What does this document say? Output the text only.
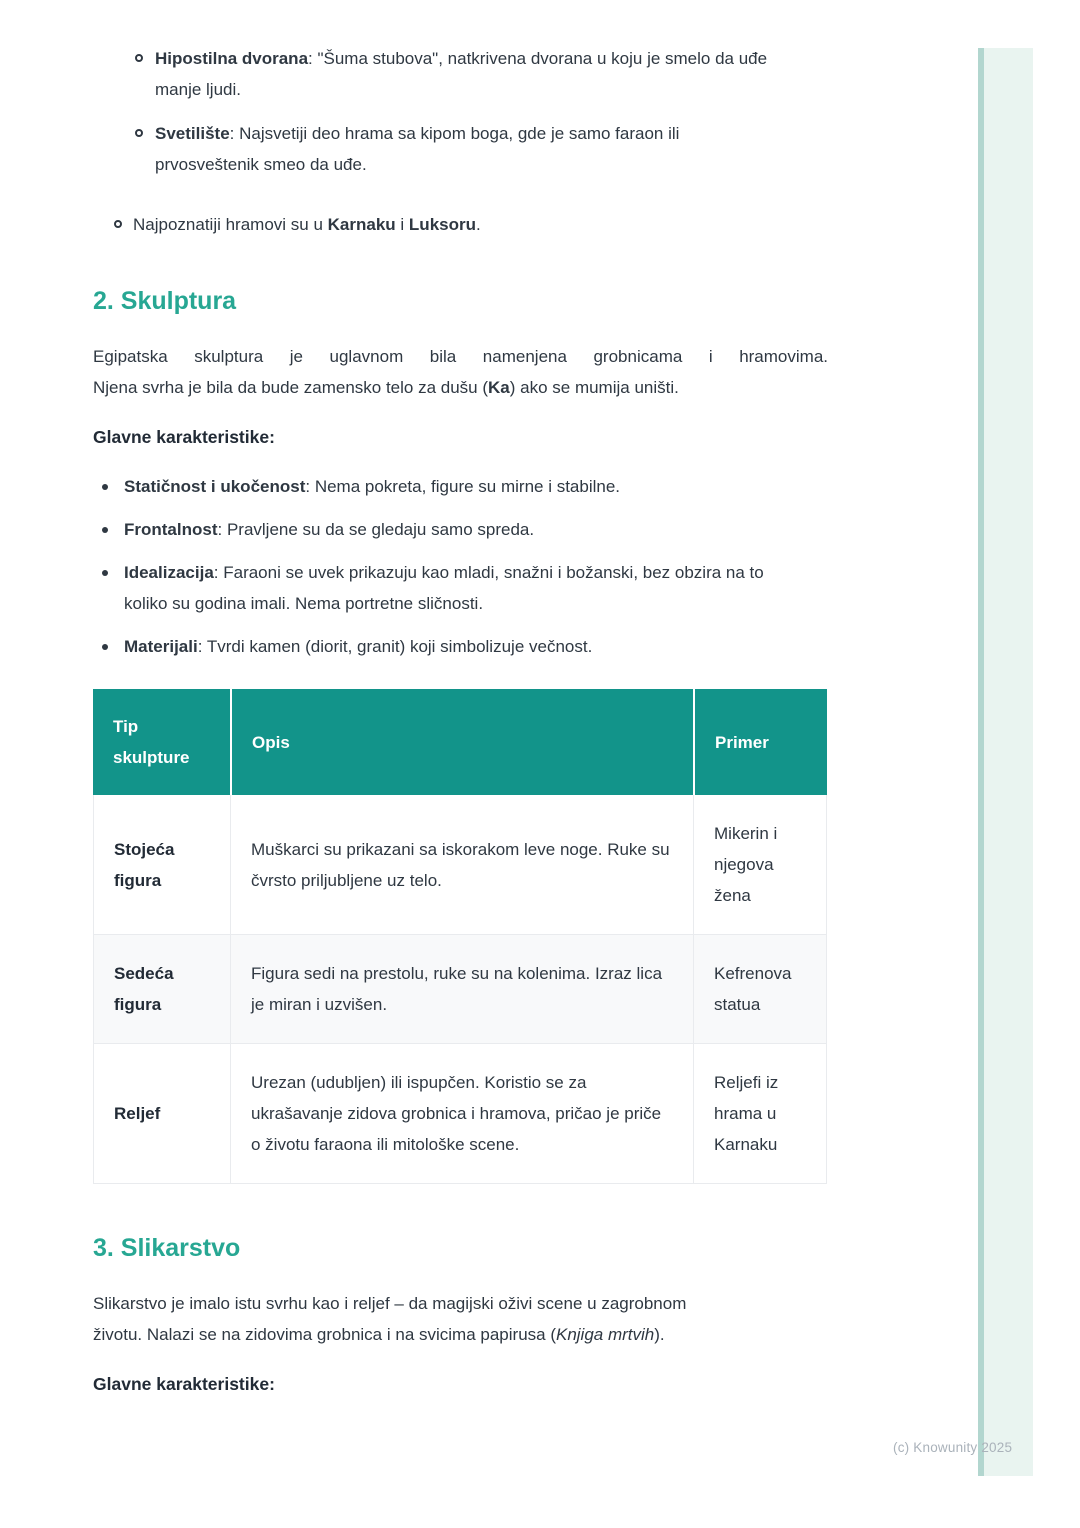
Hipostilna dvorana: "Šuma stubova", natkrivena dvorana u koju je smelo da uđe manje ljudi.
Svetilište: Najsvetiji deo hrama sa kipom boga, gde je samo faraon ili prvosveštenik smeo da uđe.
Najpoznatiji hramovi su u Karnaku i Luksoru.
2. Skulptura
Egipatska skulptura je uglavnom bila namenjena grobnicama i hramovima.
Njena svrha je bila da bude zamensko telo za dušu (Ka) ako se mumija uništi.
Glavne karakteristike:
Statičnost i ukočenost: Nema pokreta, figure su mirne i stabilne.
Frontalnost: Pravljene su da se gledaju samo spreda.
Idealizacija: Faraoni se uvek prikazuju kao mladi, snažni i božanski, bez obzira na to koliko su godina imali. Nema portretne sličnosti.
Materijali: Tvrdi kamen (diorit, granit) koji simbolizuje večnost.
Tip skulpture	Opis	Primer
Stojeća figura	Muškarci su prikazani sa iskorakom leve noge. Ruke su čvrsto priljubljene uz telo.	Mikerin i njegova žena
Sedeća figura	Figura sedi na prestolu, ruke su na kolenima. Izraz lica je miran i uzvišen.	Kefrenova statua
Reljef	Urezan (udubljen) ili ispupčen. Koristio se za ukrašavanje zidova grobnica i hramova, pričao je priče o životu faraona ili mitološke scene.	Reljefi iz hrama u Karnaku
3. Slikarstvo
Slikarstvo je imalo istu svrhu kao i reljef – da magijski oživi scene u zagrobnom
životu. Nalazi se na zidovima grobnica i na svicima papirusa (Knjiga mrtvih).
Glavne karakteristike:
(c) Knowunity 2025
